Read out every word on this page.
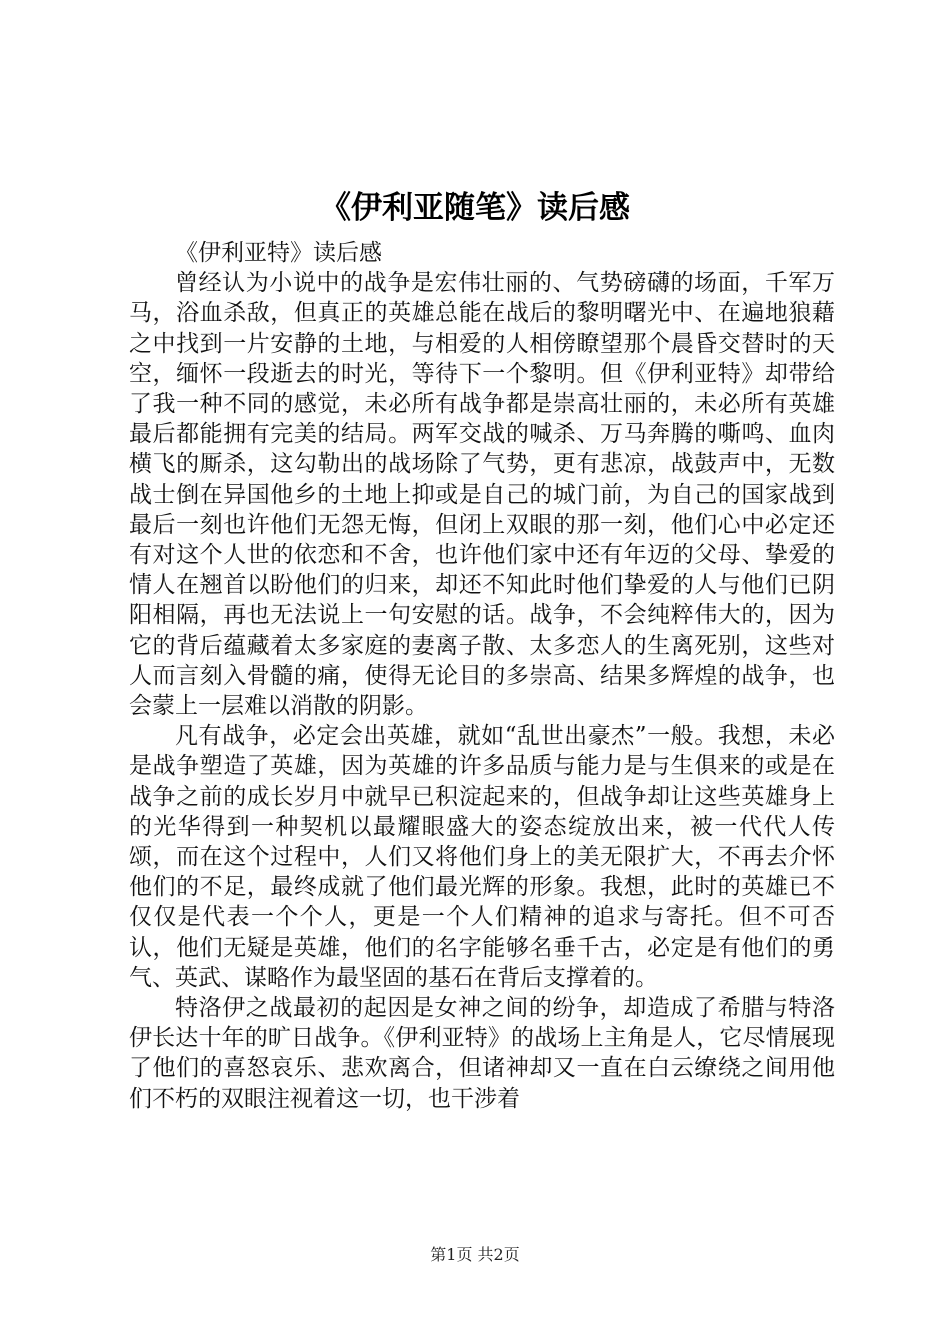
《伊利亚随笔》读后感

《伊利亚特》读后感

曾经认为小说中的战争是宏伟壮丽的、气势磅礴的场面，千军万马，浴血杀敌，但真正的英雄总能在战后的黎明曙光中、在遍地狼藉之中找到一片安静的土地，与相爱的人相傍瞭望那个晨昏交替时的天空，缅怀一段逝去的时光，等待下一个黎明。但《伊利亚特》却带给了我一种不同的感觉，未必所有战争都是崇高壮丽的，未必所有英雄最后都能拥有完美的结局。两军交战的喊杀、万马奔腾的嘶鸣、血肉横飞的厮杀，这勾勒出的战场除了气势，更有悲凉，战鼓声中，无数战士倒在异国他乡的土地上抑或是自己的城门前，为自己的国家战到最后一刻也许他们无怨无悔，但闭上双眼的那一刻，他们心中必定还有对这个人世的依恋和不舍，也许他们家中还有年迈的父母、挚爱的情人在翘首以盼他们的归来，却还不知此时他们挚爱的人与他们已阴阳相隔，再也无法说上一句安慰的话。战争，不会纯粹伟大的，因为它的背后蕴藏着太多家庭的妻离子散、太多恋人的生离死别，这些对人而言刻入骨髓的痛，使得无论目的多崇高、结果多辉煌的战争，也会蒙上一层难以消散的阴影。

凡有战争，必定会出英雄，就如“乱世出豪杰”一般。我想，未必是战争塑造了英雄，因为英雄的许多品质与能力是与生俱来的或是在战争之前的成长岁月中就早已积淀起来的，但战争却让这些英雄身上的光华得到一种契机以最耀眼盛大的姿态绽放出来，被一代代人传颂，而在这个过程中，人们又将他们身上的美无限扩大，不再去介怀他们的不足，最终成就了他们最光辉的形象。我想，此时的英雄已不仅仅是代表一个个人，更是一个人们精神的追求与寄托。但不可否认，他们无疑是英雄，他们的名字能够名垂千古，必定是有他们的勇气、英武、谋略作为最坚固的基石在背后支撑着的。

特洛伊之战最初的起因是女神之间的纷争，却造成了希腊与特洛伊长达十年的旷日战争。《伊利亚特》的战场上主角是人，它尽情展现了他们的喜怒哀乐、悲欢离合，但诸神却又一直在白云缭绕之间用他们不朽的双眼注视着这一切，也干涉着

第1页 共2页
